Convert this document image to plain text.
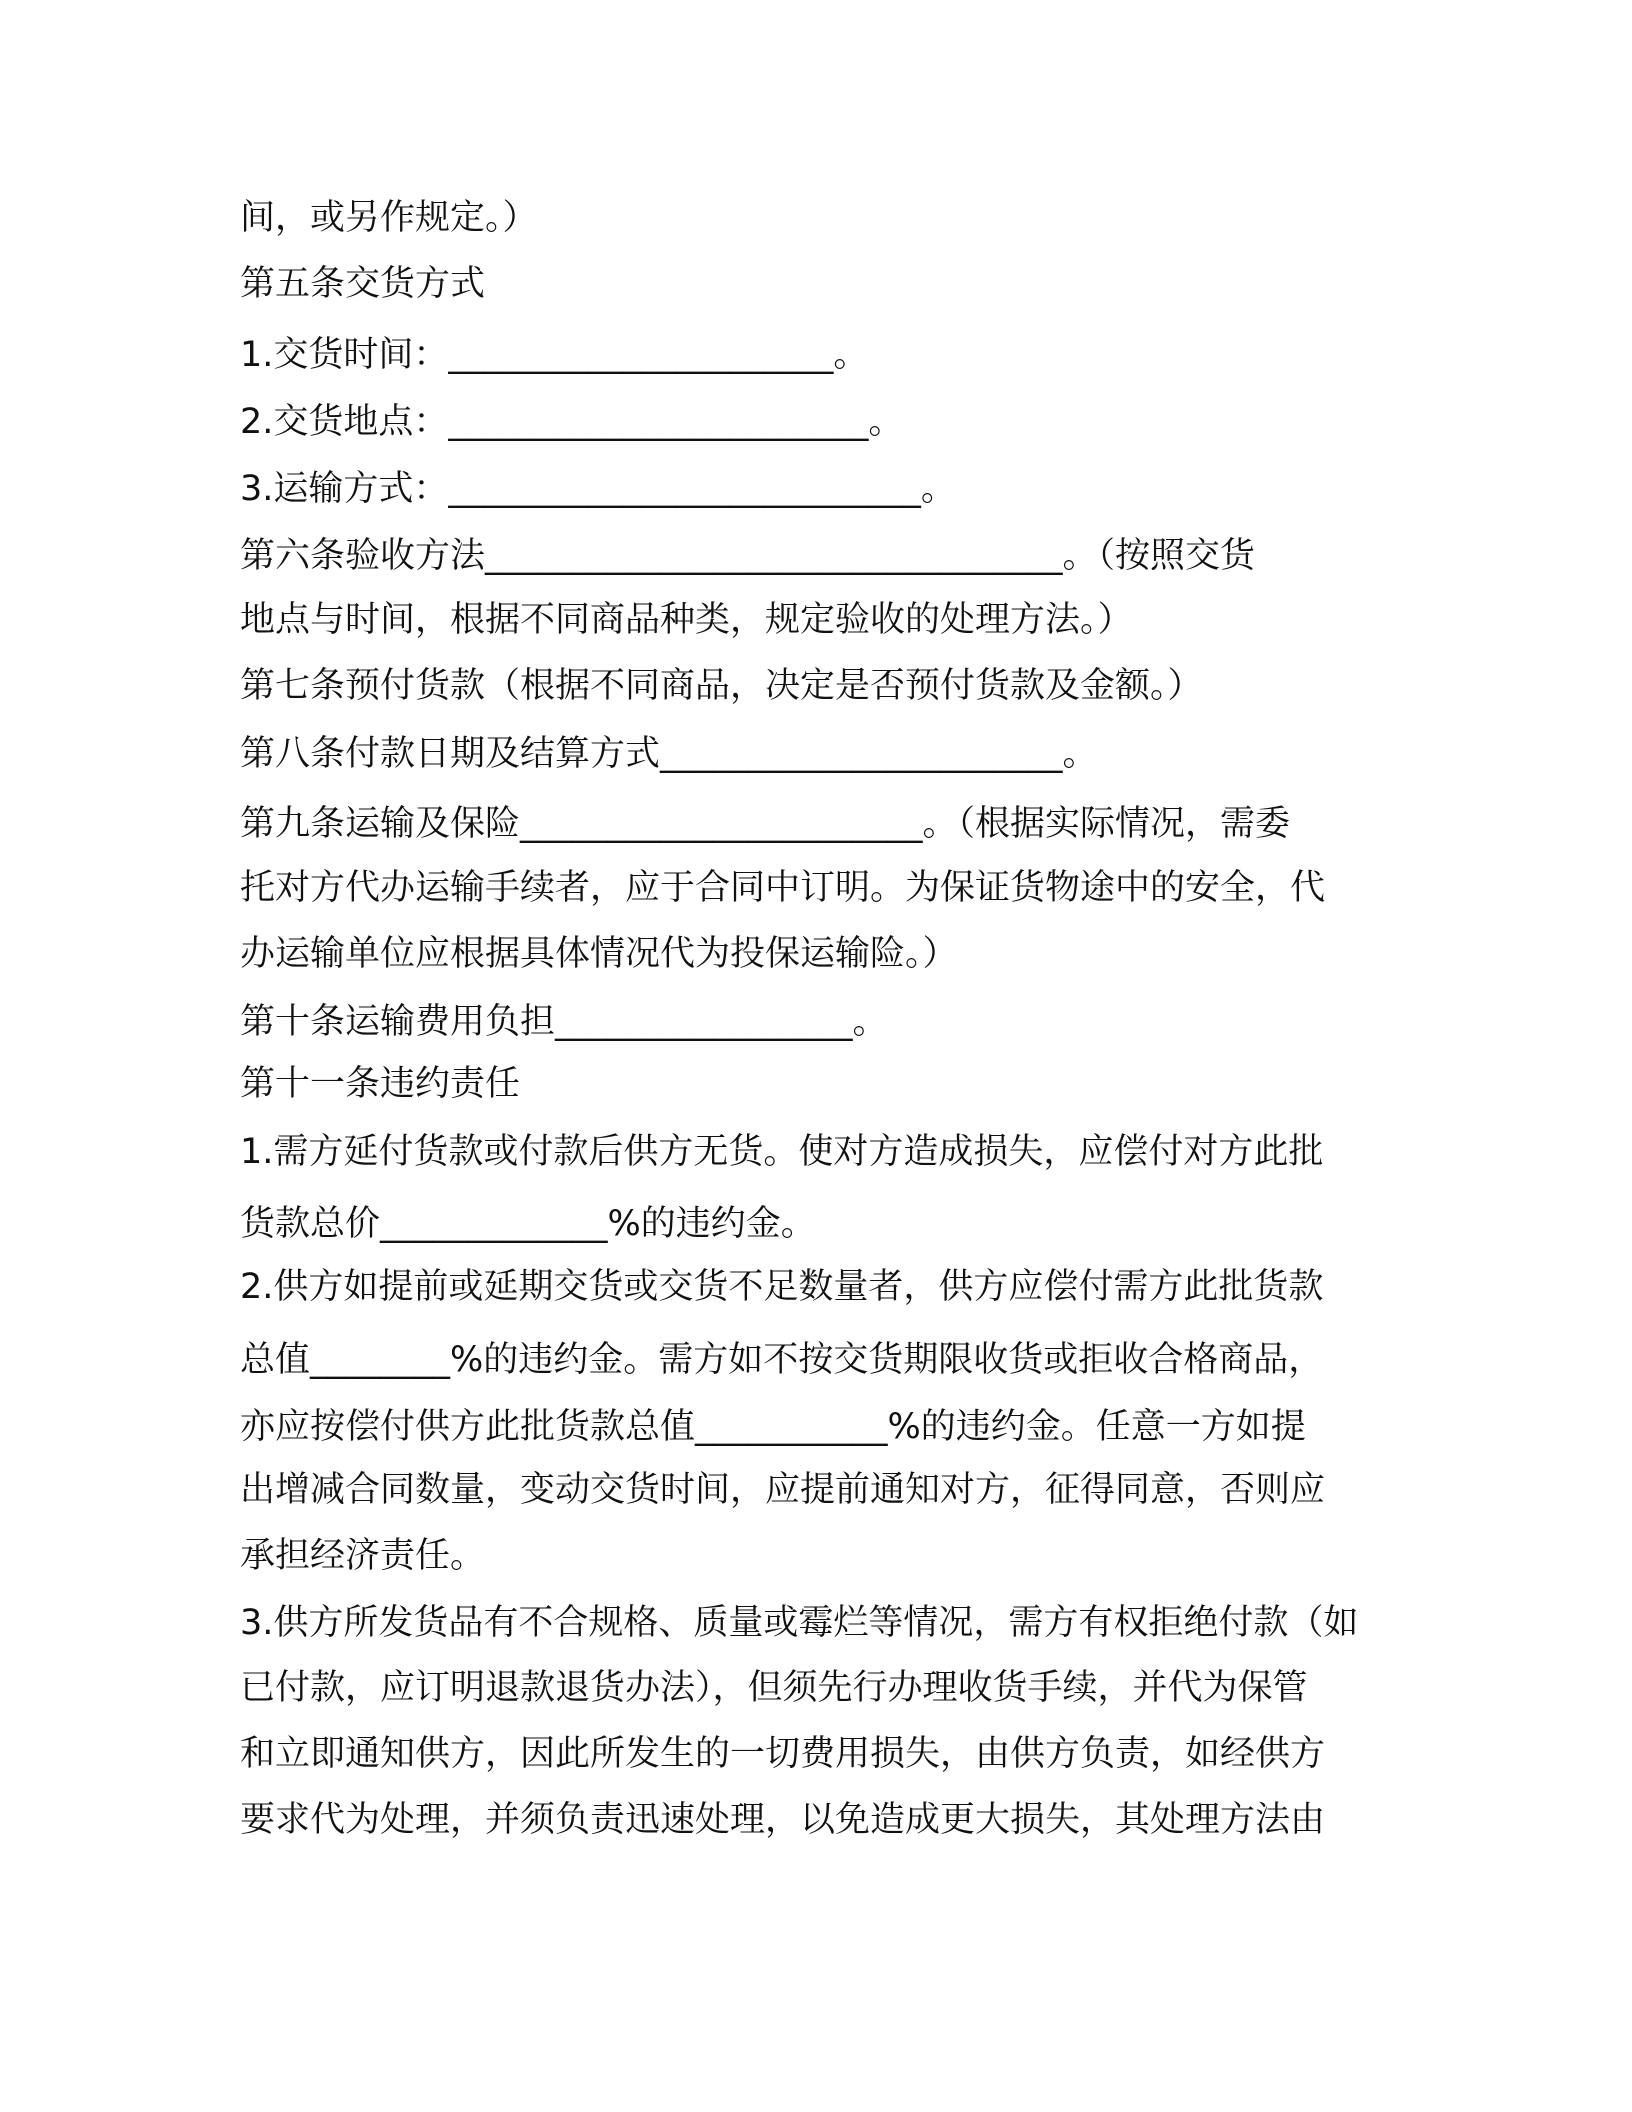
间，或另作规定。）
第五条交货方式
1.交货时间：______________________。
2.交货地点：________________________。
3.运输方式：___________________________。
第六条验收方法_________________________________。（按照交货
地点与时间，根据不同商品种类，规定验收的处理方法。）
第七条预付货款（根据不同商品，决定是否预付货款及金额。）
第八条付款日期及结算方式_______________________。
第九条运输及保险_______________________。（根据实际情况，需委
托对方代办运输手续者，应于合同中订明。为保证货物途中的安全，代
办运输单位应根据具体情况代为投保运输险。）
第十条运输费用负担_________________。
第十一条违约责任
1.需方延付货款或付款后供方无货。使对方造成损失，应偿付对方此批
货款总价_____________%的违约金。
2.供方如提前或延期交货或交货不足数量者，供方应偿付需方此批货款
总值________%的违约金。需方如不按交货期限收货或拒收合格商品，
亦应按偿付供方此批货款总值___________%的违约金。任意一方如提
出增减合同数量，变动交货时间，应提前通知对方，征得同意，否则应
承担经济责任。
3.供方所发货品有不合规格、质量或霉烂等情况，需方有权拒绝付款（如
已付款，应订明退款退货办法），但须先行办理收货手续，并代为保管
和立即通知供方，因此所发生的一切费用损失，由供方负责，如经供方
要求代为处理，并须负责迅速处理，以免造成更大损失，其处理方法由
